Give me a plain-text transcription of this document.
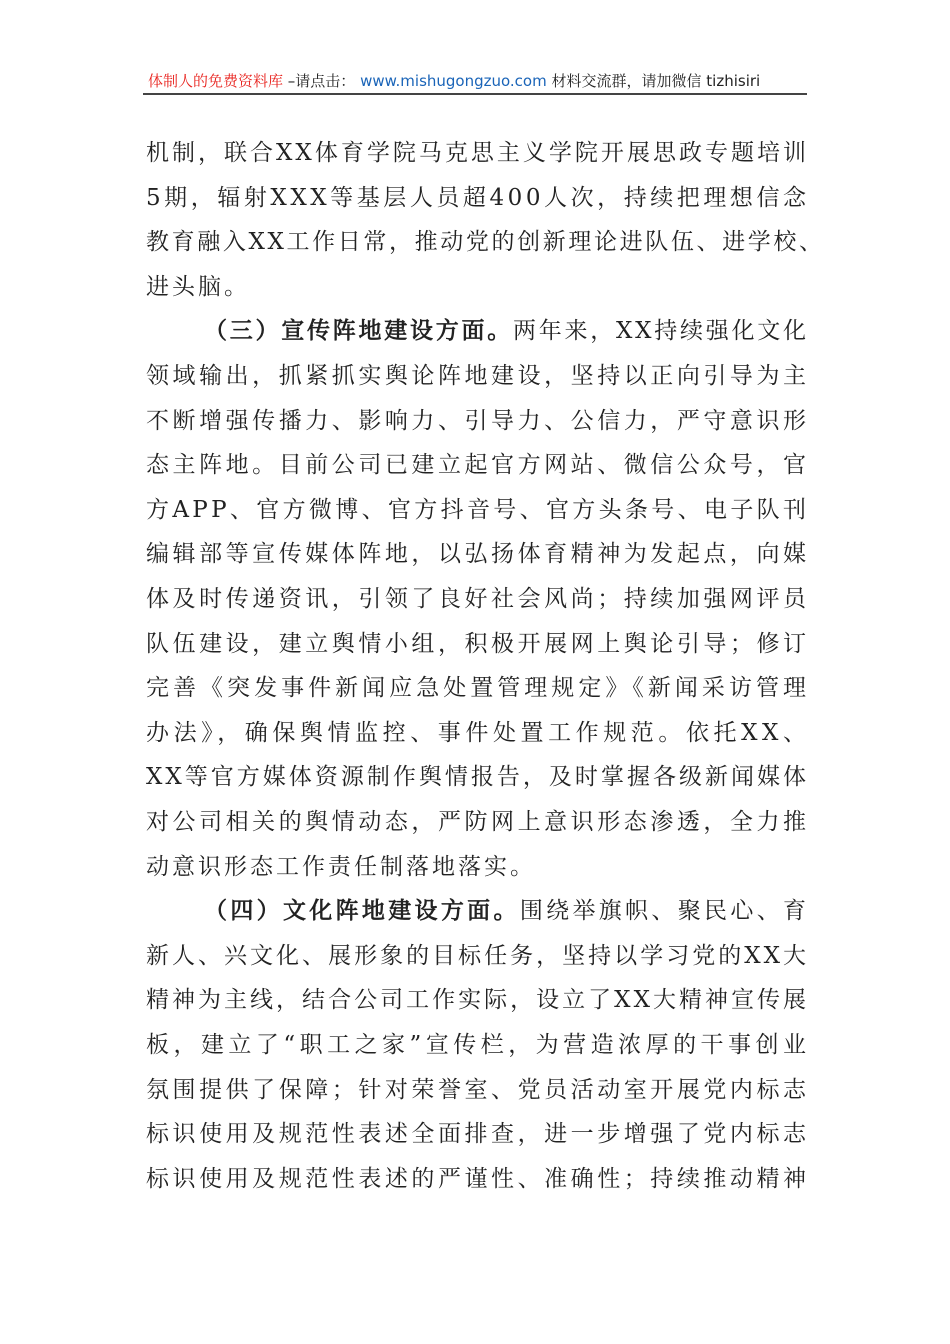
体制人的免费资料库 –请点击： www.mishugongzuo.com 材料交流群，请加微信 tizhisiri
机制，联合XX体育学院马克思主义学院开展思政专题培训
5期，辐射XXX等基层人员超400人次，持续把理想信念
教育融入XX工作日常，推动党的创新理论进队伍、进学校、
进头脑。
（三）宣传阵地建设方面。两年来，XX持续强化文化
领域输出，抓紧抓实舆论阵地建设，坚持以正向引导为主
不断增强传播力、影响力、引导力、公信力，严守意识形
态主阵地。目前公司已建立起官方网站、微信公众号，官
方APP、官方微博、官方抖音号、官方头条号、电子队刊
编辑部等宣传媒体阵地，以弘扬体育精神为发起点，向媒
体及时传递资讯，引领了良好社会风尚；持续加强网评员
队伍建设，建立舆情小组，积极开展网上舆论引导；修订
完善《突发事件新闻应急处置管理规定》《新闻采访管理
办法》，确保舆情监控、事件处置工作规范。依托XX、
XX等官方媒体资源制作舆情报告，及时掌握各级新闻媒体
对公司相关的舆情动态，严防网上意识形态渗透，全力推
动意识形态工作责任制落地落实。
（四）文化阵地建设方面。围绕举旗帜、聚民心、育
新人、兴文化、展形象的目标任务，坚持以学习党的XX大
精神为主线，结合公司工作实际，设立了XX大精神宣传展
板，建立了“职工之家”宣传栏，为营造浓厚的干事创业
氛围提供了保障；针对荣誉室、党员活动室开展党内标志
标识使用及规范性表述全面排查，进一步增强了党内标志
标识使用及规范性表述的严谨性、准确性；持续推动精神
